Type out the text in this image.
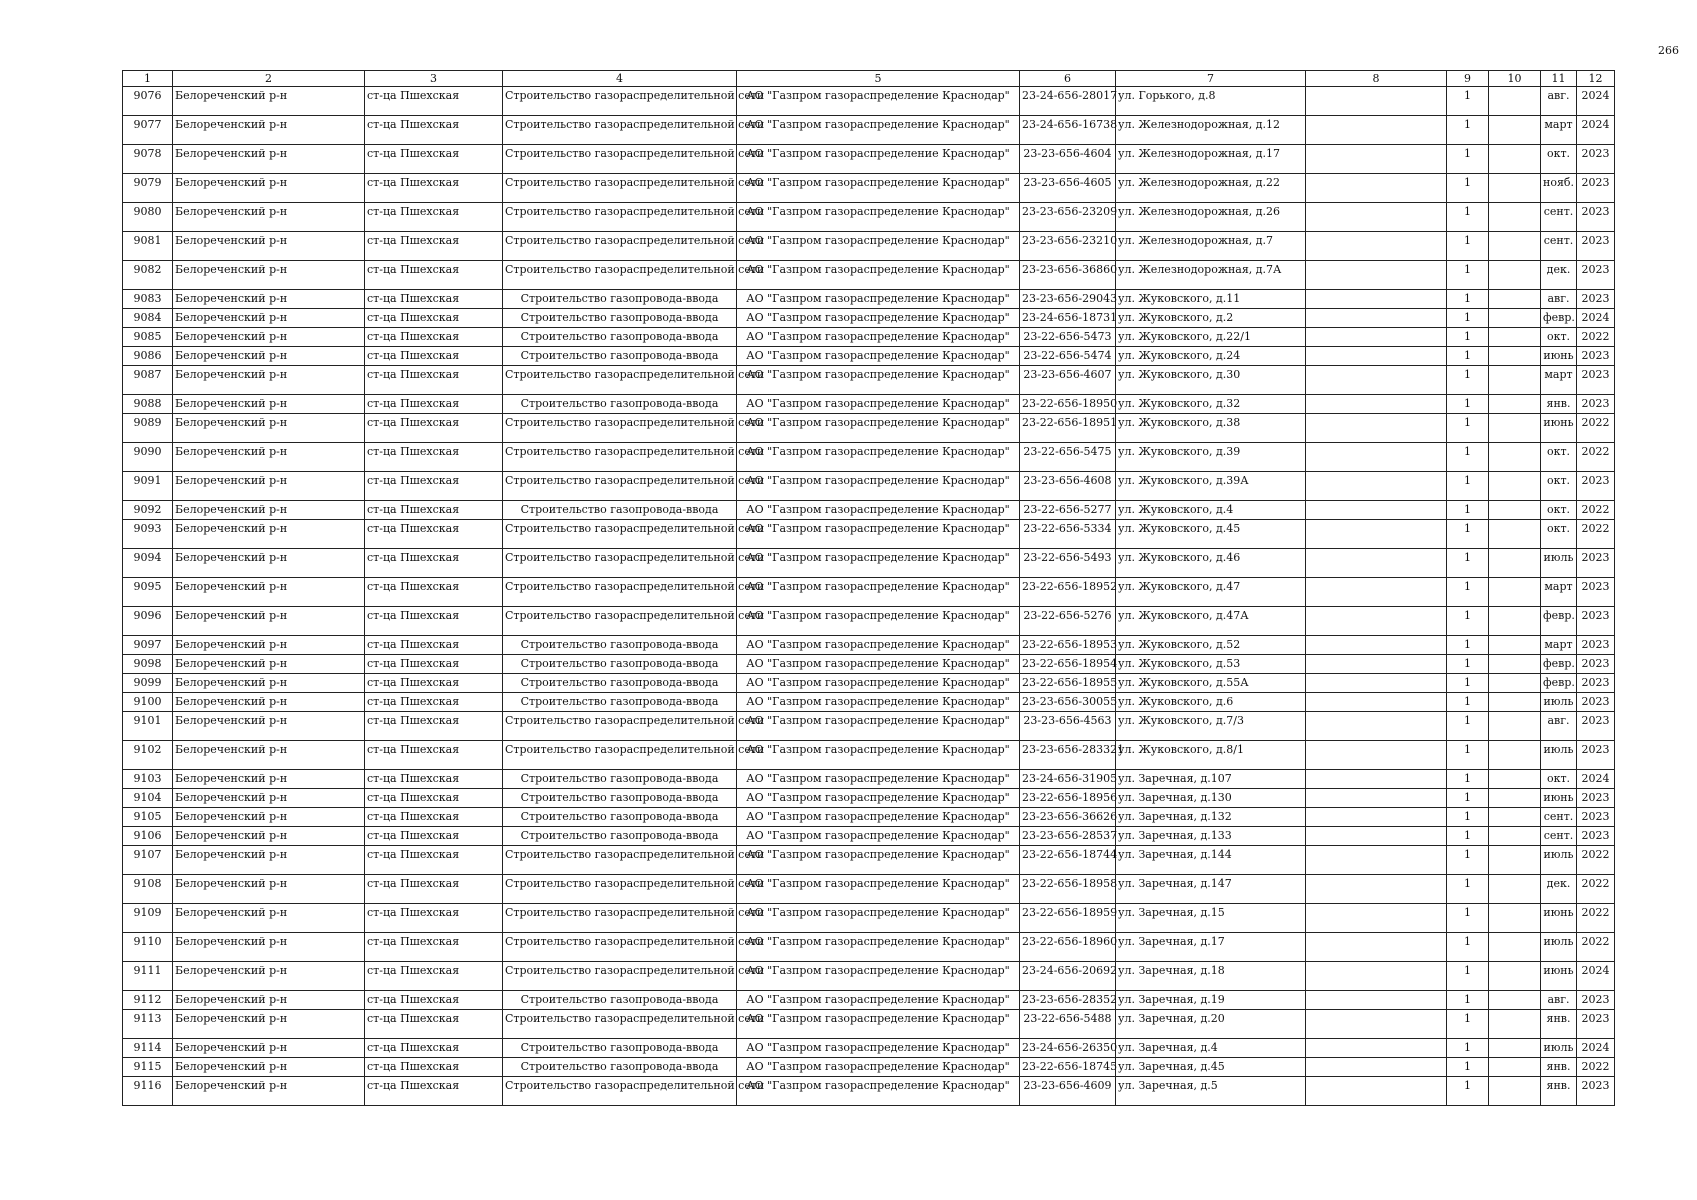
266
1	2	3	4	5	6	7	8	9	10	11	12
9076	Белореченский р-н	ст-ца Пшехская	Строительство газораспределительной сети	АО "Газпром газораспределение Краснодар"	23-24-656-28017	ул. Горького, д.8		1		авг.	2024
9077	Белореченский р-н	ст-ца Пшехская	Строительство газораспределительной сети	АО "Газпром газораспределение Краснодар"	23-24-656-16738	ул. Железнодорожная, д.12		1		март	2024
9078	Белореченский р-н	ст-ца Пшехская	Строительство газораспределительной сети	АО "Газпром газораспределение Краснодар"	23-23-656-4604	ул. Железнодорожная, д.17		1		окт.	2023
9079	Белореченский р-н	ст-ца Пшехская	Строительство газораспределительной сети	АО "Газпром газораспределение Краснодар"	23-23-656-4605	ул. Железнодорожная, д.22		1		нояб.	2023
9080	Белореченский р-н	ст-ца Пшехская	Строительство газораспределительной сети	АО "Газпром газораспределение Краснодар"	23-23-656-23209	ул. Железнодорожная, д.26		1		сент.	2023
9081	Белореченский р-н	ст-ца Пшехская	Строительство газораспределительной сети	АО "Газпром газораспределение Краснодар"	23-23-656-23210	ул. Железнодорожная, д.7		1		сент.	2023
9082	Белореченский р-н	ст-ца Пшехская	Строительство газораспределительной сети	АО "Газпром газораспределение Краснодар"	23-23-656-36860	ул. Железнодорожная, д.7А		1		дек.	2023
9083	Белореченский р-н	ст-ца Пшехская	Строительство газопровода-ввода	АО "Газпром газораспределение Краснодар"	23-23-656-29043	ул. Жуковского, д.11		1		авг.	2023
9084	Белореченский р-н	ст-ца Пшехская	Строительство газопровода-ввода	АО "Газпром газораспределение Краснодар"	23-24-656-18731	ул. Жуковского, д.2		1		февр.	2024
9085	Белореченский р-н	ст-ца Пшехская	Строительство газопровода-ввода	АО "Газпром газораспределение Краснодар"	23-22-656-5473	ул. Жуковского, д.22/1		1		окт.	2022
9086	Белореченский р-н	ст-ца Пшехская	Строительство газопровода-ввода	АО "Газпром газораспределение Краснодар"	23-22-656-5474	ул. Жуковского, д.24		1		июнь	2023
9087	Белореченский р-н	ст-ца Пшехская	Строительство газораспределительной сети	АО "Газпром газораспределение Краснодар"	23-23-656-4607	ул. Жуковского, д.30		1		март	2023
9088	Белореченский р-н	ст-ца Пшехская	Строительство газопровода-ввода	АО "Газпром газораспределение Краснодар"	23-22-656-18950	ул. Жуковского, д.32		1		янв.	2023
9089	Белореченский р-н	ст-ца Пшехская	Строительство газораспределительной сети	АО "Газпром газораспределение Краснодар"	23-22-656-18951	ул. Жуковского, д.38		1		июнь	2022
9090	Белореченский р-н	ст-ца Пшехская	Строительство газораспределительной сети	АО "Газпром газораспределение Краснодар"	23-22-656-5475	ул. Жуковского, д.39		1		окт.	2022
9091	Белореченский р-н	ст-ца Пшехская	Строительство газораспределительной сети	АО "Газпром газораспределение Краснодар"	23-23-656-4608	ул. Жуковского, д.39А		1		окт.	2023
9092	Белореченский р-н	ст-ца Пшехская	Строительство газопровода-ввода	АО "Газпром газораспределение Краснодар"	23-22-656-5277	ул. Жуковского, д.4		1		окт.	2022
9093	Белореченский р-н	ст-ца Пшехская	Строительство газораспределительной сети	АО "Газпром газораспределение Краснодар"	23-22-656-5334	ул. Жуковского, д.45		1		окт.	2022
9094	Белореченский р-н	ст-ца Пшехская	Строительство газораспределительной сети	АО "Газпром газораспределение Краснодар"	23-22-656-5493	ул. Жуковского, д.46		1		июль	2023
9095	Белореченский р-н	ст-ца Пшехская	Строительство газораспределительной сети	АО "Газпром газораспределение Краснодар"	23-22-656-18952	ул. Жуковского, д.47		1		март	2023
9096	Белореченский р-н	ст-ца Пшехская	Строительство газораспределительной сети	АО "Газпром газораспределение Краснодар"	23-22-656-5276	ул. Жуковского, д.47А		1		февр.	2023
9097	Белореченский р-н	ст-ца Пшехская	Строительство газопровода-ввода	АО "Газпром газораспределение Краснодар"	23-22-656-18953	ул. Жуковского, д.52		1		март	2023
9098	Белореченский р-н	ст-ца Пшехская	Строительство газопровода-ввода	АО "Газпром газораспределение Краснодар"	23-22-656-18954	ул. Жуковского, д.53		1		февр.	2023
9099	Белореченский р-н	ст-ца Пшехская	Строительство газопровода-ввода	АО "Газпром газораспределение Краснодар"	23-22-656-18955	ул. Жуковского, д.55А		1		февр.	2023
9100	Белореченский р-н	ст-ца Пшехская	Строительство газопровода-ввода	АО "Газпром газораспределение Краснодар"	23-23-656-30055	ул. Жуковского, д.6		1		июль	2023
9101	Белореченский р-н	ст-ца Пшехская	Строительство газораспределительной сети	АО "Газпром газораспределение Краснодар"	23-23-656-4563	ул. Жуковского, д.7/3		1		авг.	2023
9102	Белореченский р-н	ст-ца Пшехская	Строительство газораспределительной сети	АО "Газпром газораспределение Краснодар"	23-23-656-283321	ул. Жуковского, д.8/1		1		июль	2023
9103	Белореченский р-н	ст-ца Пшехская	Строительство газопровода-ввода	АО "Газпром газораспределение Краснодар"	23-24-656-31905	ул. Заречная, д.107		1		окт.	2024
9104	Белореченский р-н	ст-ца Пшехская	Строительство газопровода-ввода	АО "Газпром газораспределение Краснодар"	23-22-656-18956	ул. Заречная, д.130		1		июнь	2023
9105	Белореченский р-н	ст-ца Пшехская	Строительство газопровода-ввода	АО "Газпром газораспределение Краснодар"	23-23-656-36626	ул. Заречная, д.132		1		сент.	2023
9106	Белореченский р-н	ст-ца Пшехская	Строительство газопровода-ввода	АО "Газпром газораспределение Краснодар"	23-23-656-28537	ул. Заречная, д.133		1		сент.	2023
9107	Белореченский р-н	ст-ца Пшехская	Строительство газораспределительной сети	АО "Газпром газораспределение Краснодар"	23-22-656-18744	ул. Заречная, д.144		1		июль	2022
9108	Белореченский р-н	ст-ца Пшехская	Строительство газораспределительной сети	АО "Газпром газораспределение Краснодар"	23-22-656-18958	ул. Заречная, д.147		1		дек.	2022
9109	Белореченский р-н	ст-ца Пшехская	Строительство газораспределительной сети	АО "Газпром газораспределение Краснодар"	23-22-656-18959	ул. Заречная, д.15		1		июнь	2022
9110	Белореченский р-н	ст-ца Пшехская	Строительство газораспределительной сети	АО "Газпром газораспределение Краснодар"	23-22-656-18960	ул. Заречная, д.17		1		июль	2022
9111	Белореченский р-н	ст-ца Пшехская	Строительство газораспределительной сети	АО "Газпром газораспределение Краснодар"	23-24-656-20692	ул. Заречная, д.18		1		июнь	2024
9112	Белореченский р-н	ст-ца Пшехская	Строительство газопровода-ввода	АО "Газпром газораспределение Краснодар"	23-23-656-28352	ул. Заречная, д.19		1		авг.	2023
9113	Белореченский р-н	ст-ца Пшехская	Строительство газораспределительной сети	АО "Газпром газораспределение Краснодар"	23-22-656-5488	ул. Заречная, д.20		1		янв.	2023
9114	Белореченский р-н	ст-ца Пшехская	Строительство газопровода-ввода	АО "Газпром газораспределение Краснодар"	23-24-656-26350	ул. Заречная, д.4		1		июль	2024
9115	Белореченский р-н	ст-ца Пшехская	Строительство газопровода-ввода	АО "Газпром газораспределение Краснодар"	23-22-656-18745	ул. Заречная, д.45		1		янв.	2022
9116	Белореченский р-н	ст-ца Пшехская	Строительство газораспределительной сети	АО "Газпром газораспределение Краснодар"	23-23-656-4609	ул. Заречная, д.5		1		янв.	2023
